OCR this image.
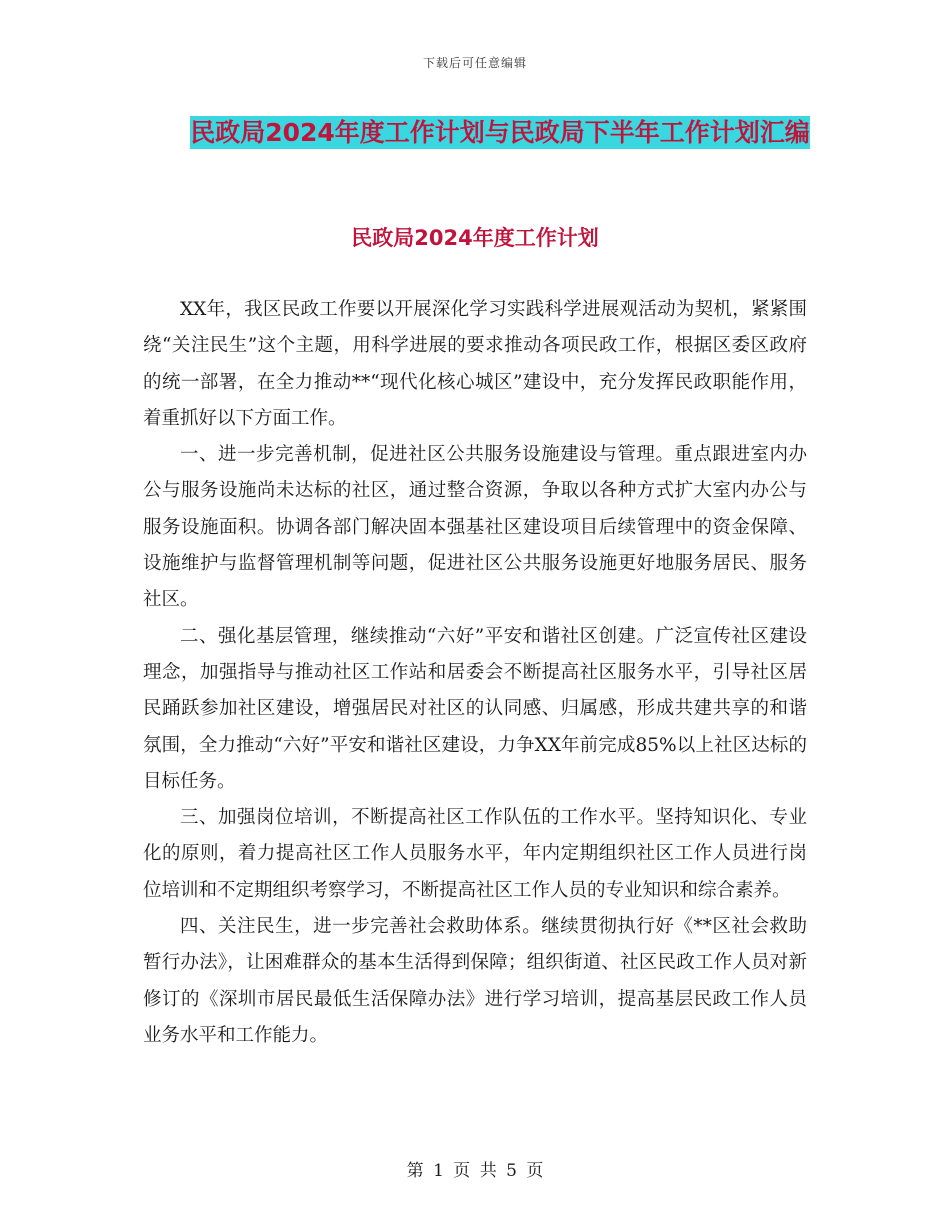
下载后可任意编辑
民政局2024年度工作计划与民政局下半年工作计划汇编
民政局2024年度工作计划

XX年，我区民政工作要以开展深化学习实践科学进展观活动为契机，紧紧围绕“关注民生”这个主题，用科学进展的要求推动各项民政工作，根据区委区政府的统一部署，在全力推动**“现代化核心城区”建设中，充分发挥民政职能作用，着重抓好以下方面工作。

一、进一步完善机制，促进社区公共服务设施建设与管理。重点跟进室内办公与服务设施尚未达标的社区，通过整合资源，争取以各种方式扩大室内办公与服务设施面积。协调各部门解决固本强基社区建设项目后续管理中的资金保障、设施维护与监督管理机制等问题，促进社区公共服务设施更好地服务居民、服务社区。

二、强化基层管理，继续推动“六好”平安和谐社区创建。广泛宣传社区建设理念，加强指导与推动社区工作站和居委会不断提高社区服务水平，引导社区居民踊跃参加社区建设，增强居民对社区的认同感、归属感，形成共建共享的和谐氛围，全力推动“六好”平安和谐社区建设，力争XX年前完成85%以上社区达标的目标任务。

三、加强岗位培训，不断提高社区工作队伍的工作水平。坚持知识化、专业化的原则，着力提高社区工作人员服务水平，年内定期组织社区工作人员进行岗位培训和不定期组织考察学习，不断提高社区工作人员的专业知识和综合素养。

四、关注民生，进一步完善社会救助体系。继续贯彻执行好《**区社会救助暂行办法》，让困难群众的基本生活得到保障；组织街道、社区民政工作人员对新修订的《深圳市居民最低生活保障办法》进行学习培训，提高基层民政工作人员业务水平和工作能力。

第 1 页 共 5 页
